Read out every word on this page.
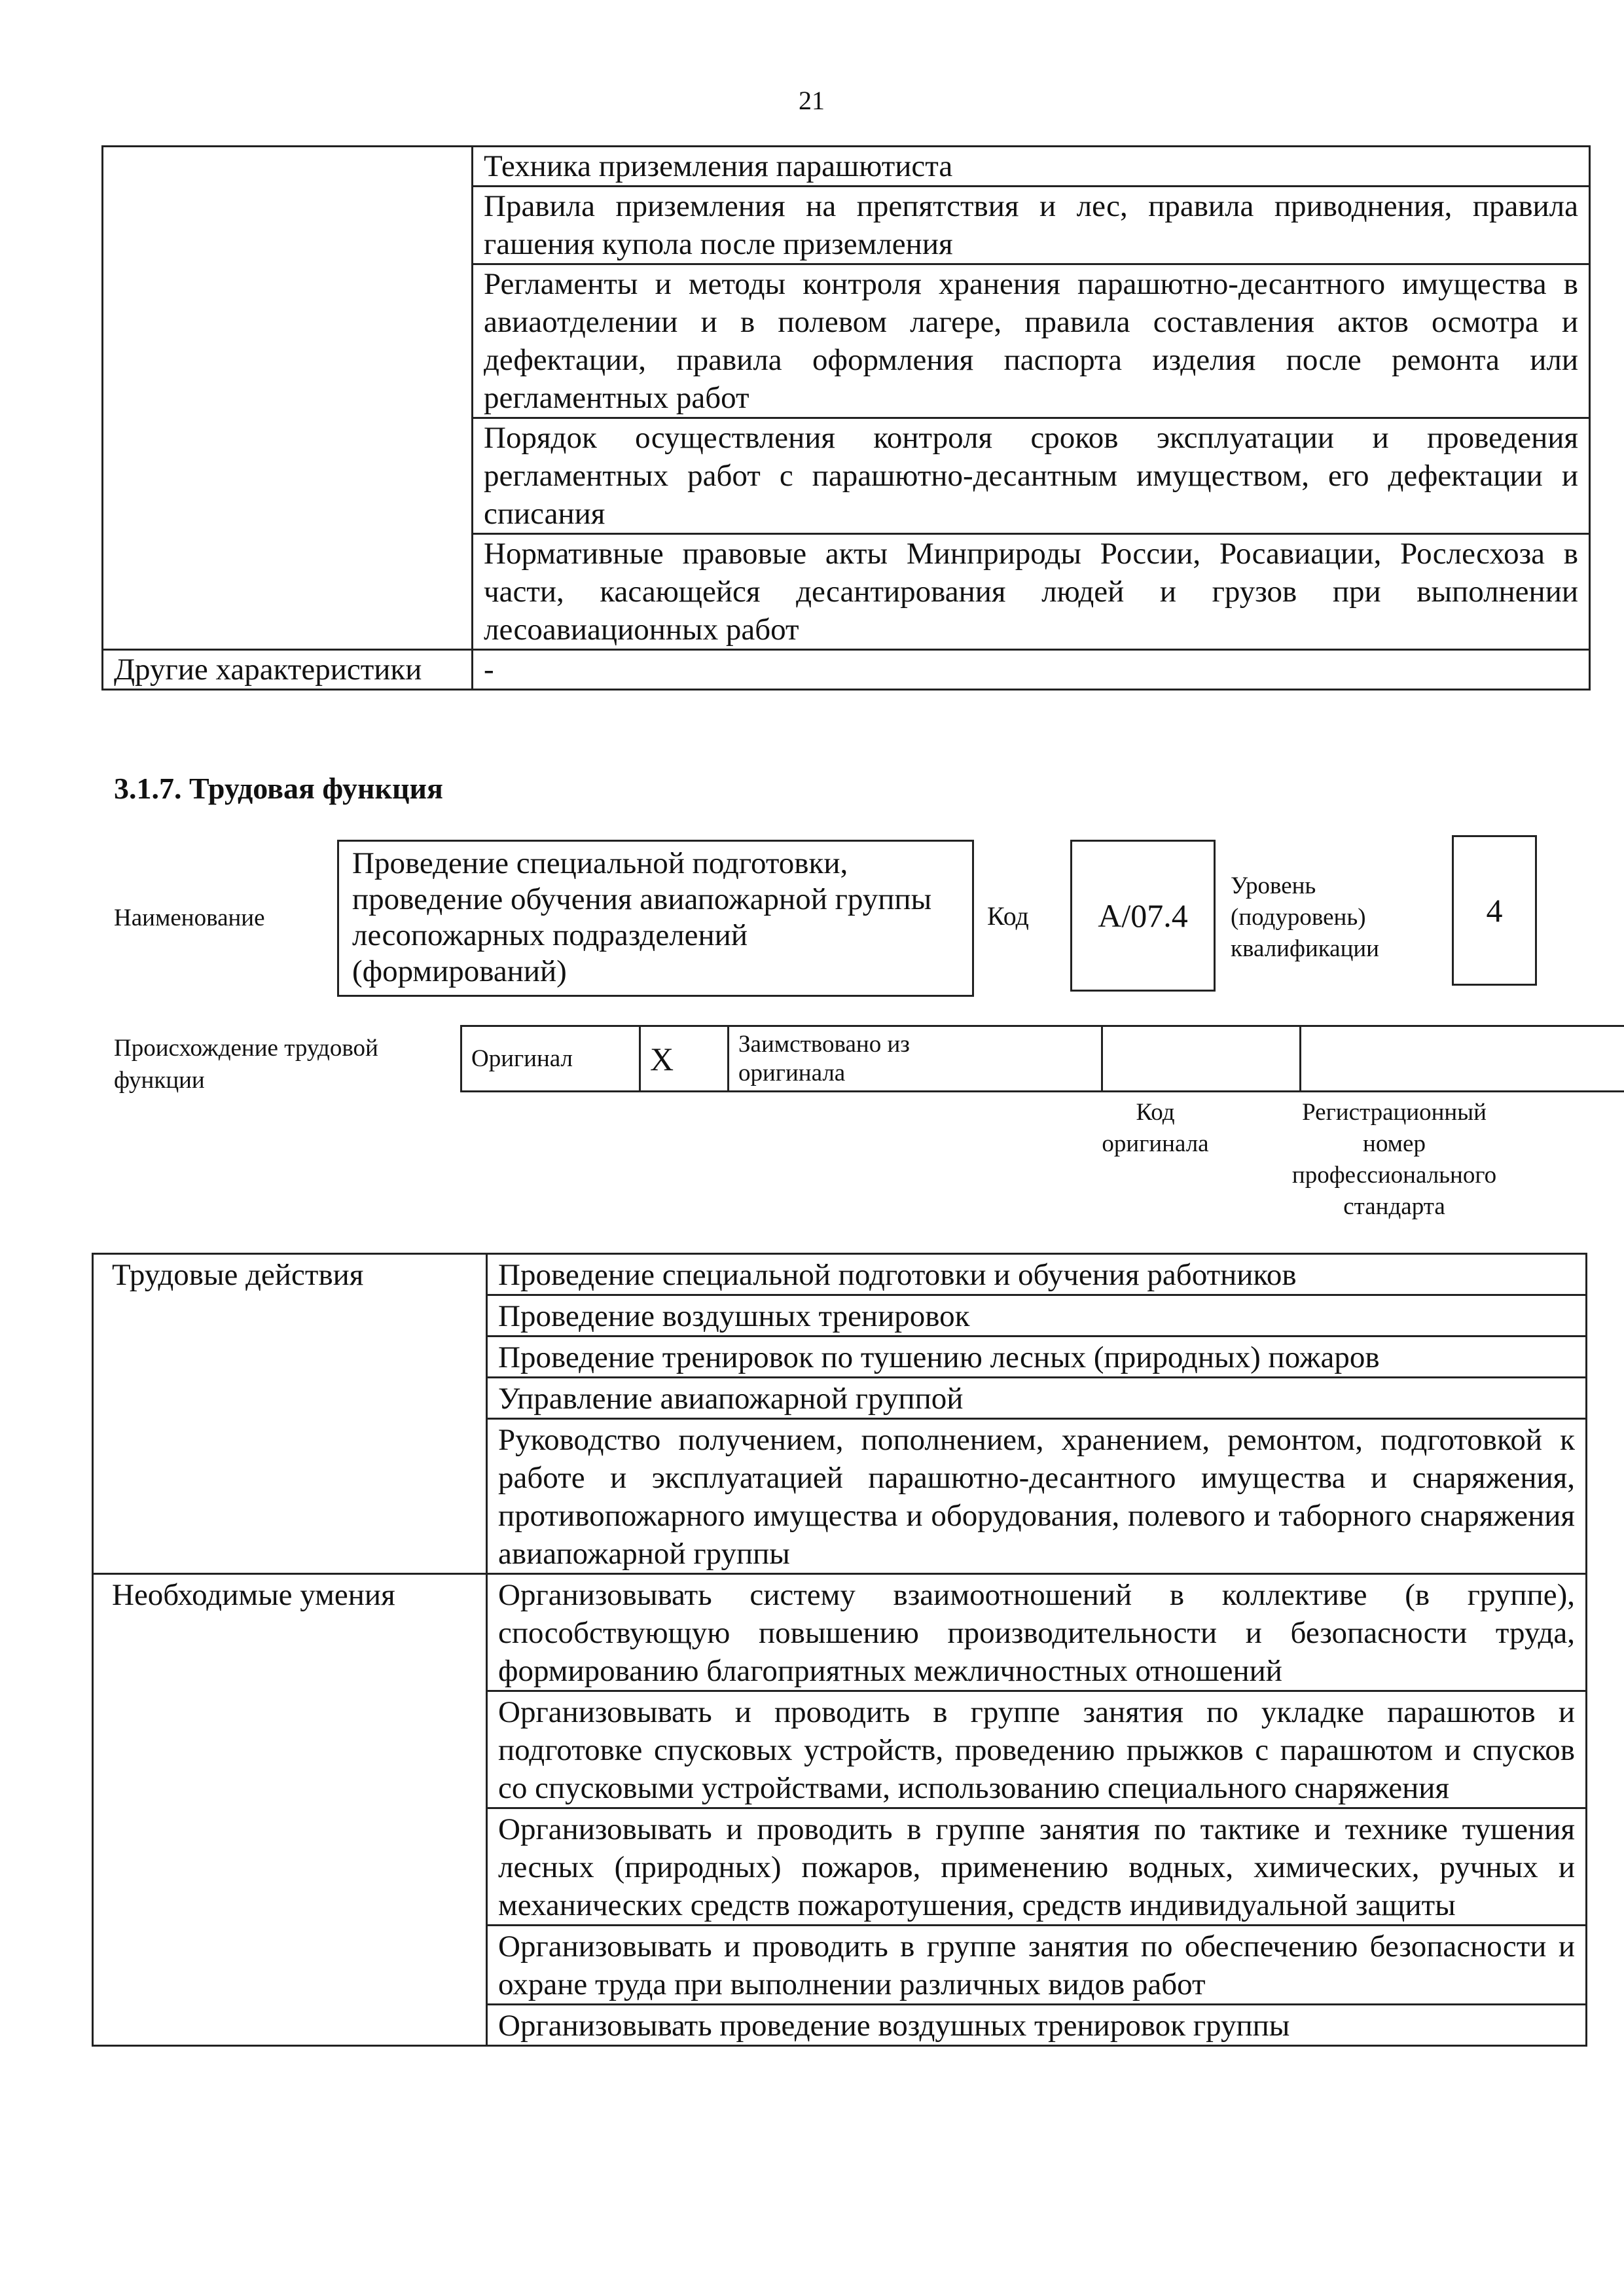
21
	Техника приземления парашютиста
	Правила приземления на препятствия и лес, правила приводнения, правила гашения купола после приземления
	Регламенты и методы контроля хранения парашютно-десантного имущества в авиаотделении и в полевом лагере, правила составления актов осмотра и дефектации, правила оформления паспорта изделия после ремонта или регламентных работ
	Порядок осуществления контроля сроков эксплуатации и проведения регламентных работ с парашютно-десантным имуществом, его дефектации и списания
	Нормативные правовые акты Минприроды России, Росавиации, Рослесхоза в части, касающейся десантирования людей и грузов при выполнении лесоавиационных работ
Другие характеристики	-
3.1.7. Трудовая функция
Наименование
Проведение специальной подготовки, проведение обучения авиапожарной группы лесопожарных подразделений (формирований)
Код	А/07.4
Уровень
(подуровень)
квалификации
4
Происхождение трудовой
функции
Оригинал	X	Заимствовано из
оригинала

Код
оригинала
Регистрационный
номер
профессионального
стандарта
Трудовые действия	Проведение специальной подготовки и обучения работников
	Проведение воздушных тренировок
	Проведение тренировок по тушению лесных (природных) пожаров
	Управление авиапожарной группой
	Руководство получением, пополнением, хранением, ремонтом, подготовкой к работе и эксплуатацией парашютно-десантного имущества и снаряжения, противопожарного имущества и оборудования, полевого и таборного снаряжения авиапожарной группы
Необходимые умения	Организовывать систему взаимоотношений в коллективе (в группе), способствующую повышению производительности и безопасности труда, формированию благоприятных межличностных отношений
	Организовывать и проводить в группе занятия по укладке парашютов и подготовке спусковых устройств, проведению прыжков с парашютом и спусков со спусковыми устройствами, использованию специального снаряжения
	Организовывать и проводить в группе занятия по тактике и технике тушения лесных (природных) пожаров, применению водных, химических, ручных и механических средств пожаротушения, средств индивидуальной защиты
	Организовывать и проводить в группе занятия по обеспечению безопасности и охране труда при выполнении различных видов работ
	Организовывать проведение воздушных тренировок группы
